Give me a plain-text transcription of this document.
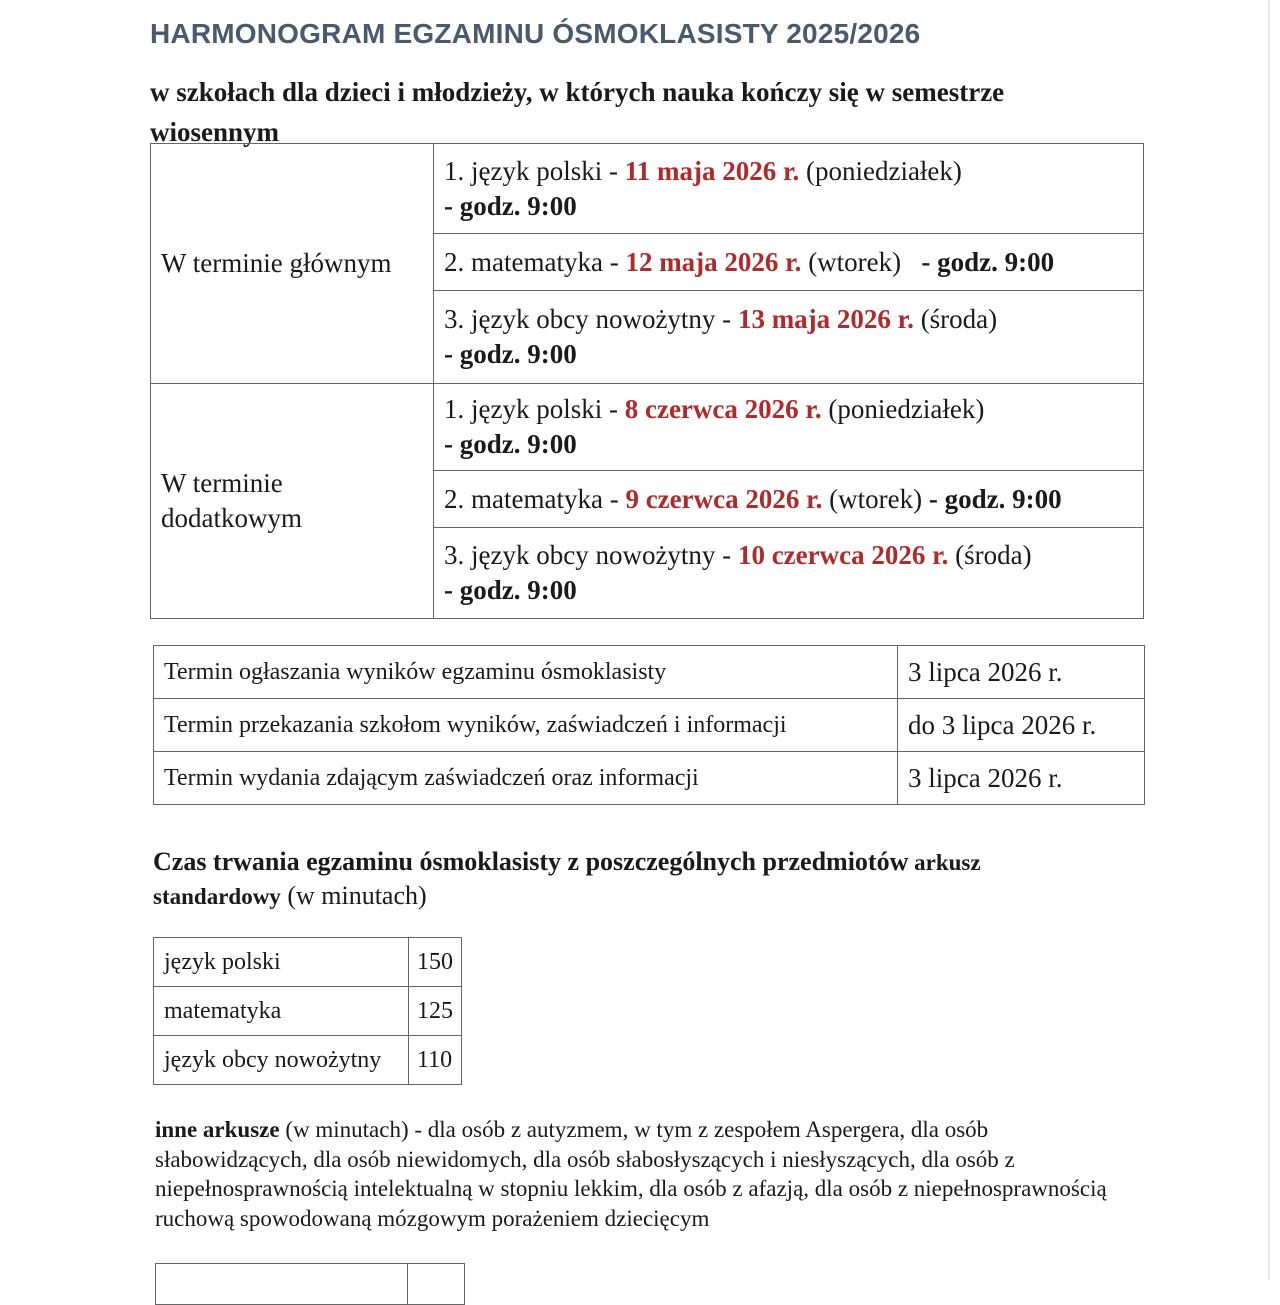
HARMONOGRAM EGZAMINU ÓSMOKLASISTY 2025/2026
w szkołach dla dzieci i młodzieży, w których nauka kończy się w semestrze wiosennym
W terminie głównym	1. język polski - 11 maja 2026 r. (poniedziałek)
- godz. 9:00
	2. matematyka - 12 maja 2026 r. (wtorek)   - godz. 9:00
	3. język obcy nowożytny - 13 maja 2026 r. (środa)
- godz. 9:00
W terminie dodatkowym	1. język polski - 8 czerwca 2026 r. (poniedziałek)
- godz. 9:00
	2. matematyka - 9 czerwca 2026 r. (wtorek) - godz. 9:00
	3. język obcy nowożytny - 10 czerwca 2026 r. (środa)
- godz. 9:00
Termin ogłaszania wyników egzaminu ósmoklasisty	3 lipca 2026 r.
Termin przekazania szkołom wyników, zaświadczeń i informacji	do 3 lipca 2026 r.
Termin wydania zdającym zaświadczeń oraz informacji	3 lipca 2026 r.
Czas trwania egzaminu ósmoklasisty z poszczególnych przedmiotów arkusz standardowy (w minutach)
język polski	150
matematyka	125
język obcy nowożytny	110
inne arkusze (w minutach) - dla osób z autyzmem, w tym z zespołem Aspergera, dla osób słabowidzących, dla osób niewidomych, dla osób słabosłyszących i niesłyszących, dla osób z niepełnosprawnością intelektualną w stopniu lekkim, dla osób z afazją, dla osób z niepełnosprawnością ruchową spowodowaną mózgowym porażeniem dziecięcym
